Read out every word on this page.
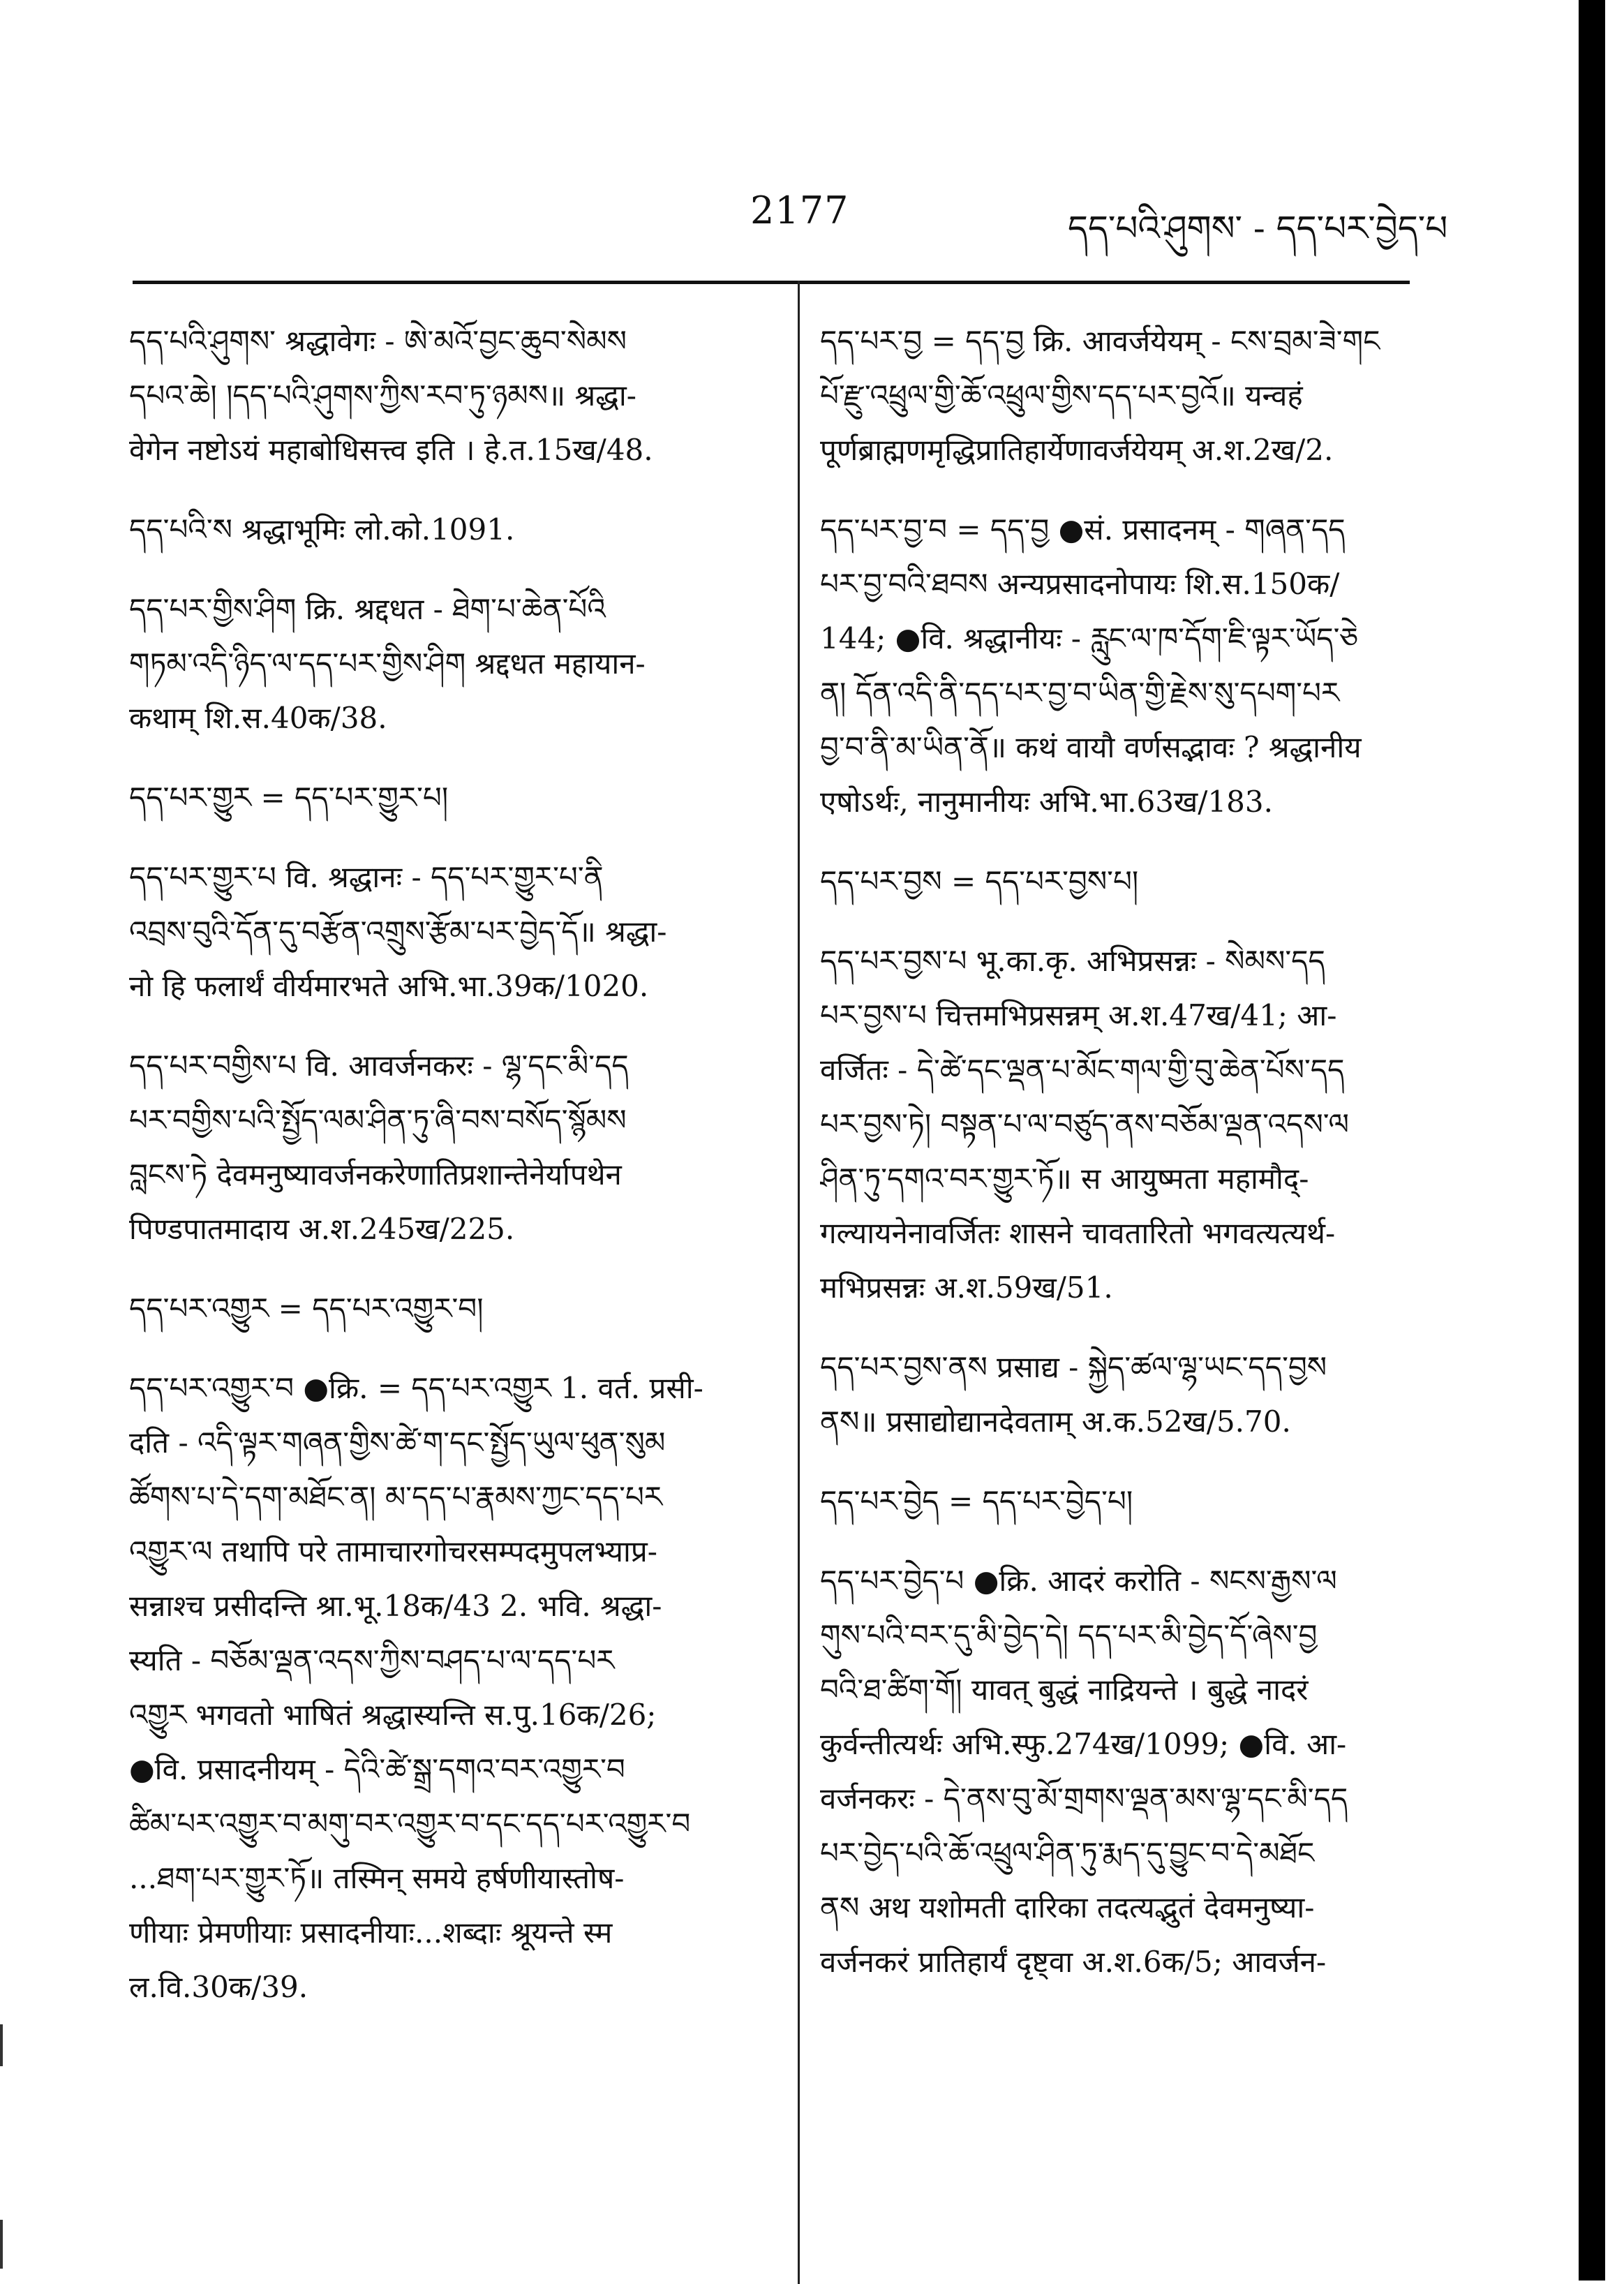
2177	དད་པའི་ཤུགས་ - དད་པར་བྱེད་པ
དད་པའི་ཤུགས་ श्रद्धावेगः - ཨེ་མའོ་བྱང་ཆུབ་སེམས
དཔའ་ཆེ། །དད་པའི་ཤུགས་ཀྱིས་རབ་ཏུ་ཉམས॥ श्रद्धा-
वेगेन नष्टोऽयं महाबोधिसत्त्व इति । हे.त.15ख/48.
དད་པའི་ས श्रद्धाभूमिः लो.को.1091.
དད་པར་གྱིས་ཤིག क्रि. श्रद्दधत - ཐེག་པ་ཆེན་པོའི
གཏམ་འདི་ཉིད་ལ་དད་པར་གྱིས་ཤིག श्रद्दधत महायान-
कथाम् शि.स.40क/38.
དད་པར་གྱུར = དད་པར་གྱུར་པ།
དད་པར་གྱུར་པ वि. श्रद्धानः - དད་པར་གྱུར་པ་ནི
འབྲས་བུའི་དོན་དུ་བརྩོན་འགྲུས་རྩོམ་པར་བྱེད་དོ॥ श्रद्धा-
नो हि फलार्थं वीर्यमारभते अभि.भा.39क/1020.
དད་པར་བགྱིས་པ वि. आवर्जनकरः - ལྷ་དང་མི་དད
པར་བགྱིས་པའི་སྤྱོད་ལམ་ཤིན་ཏུ་ཞི་བས་བསོད་སྙོམས
བླངས་ཏེ देवमनुष्यावर्जनकरेणातिप्रशान्तेनेर्यापथेन
पिण्डपातमादाय अ.श.245ख/225.
དད་པར་འགྱུར = དད་པར་འགྱུར་བ།
དད་པར་འགྱུར་བ ●क्रि. = དད་པར་འགྱུར 1. वर्त. प्रसी-
दति - འདི་ལྟར་གཞན་གྱིས་ཚེ་ག་དང་སྤྱོད་ཡུལ་ཕུན་སུམ
ཚོགས་པ་དེ་དག་མཐོང་ན། མ་དད་པ་རྣམས་ཀྱང་དད་པར
འགྱུར་ལ तथापि परे तामाचारगोचरसम्पदमुपलभ्याप्र-
सन्नाश्च प्रसीदन्ति श्रा.भू.18क/43 2. भवि. श्रद्धा-
स्यति - བཅོམ་ལྡན་འདས་ཀྱིས་བཤད་པ་ལ་དད་པར
འགྱུར भगवतो भाषितं श्रद्धास्यन्ति स.पु.16क/26;
●वि. प्रसादनीयम् - དེའི་ཚེ་སྒྲ་དགའ་བར་འགྱུར་བ
ཚིམ་པར་འགྱུར་བ་མགུ་བར་འགྱུར་བ་དང་དད་པར་འགྱུར་བ
...ཐག་པར་གྱུར་ཏོ॥ तस्मिन् समये हर्षणीयास्तोष-
णीयाः प्रेमणीयाः प्रसादनीयाः...शब्दाः श्रूयन्ते स्म
ल.वि.30क/39.
དད་པར་བྱ = དད་བྱ क्रि. आवर्जयेयम् - ངས་བྲམ་ཟེ་གང
པོ་རྫུ་འཕྲུལ་གྱི་ཆོ་འཕྲུལ་གྱིས་དད་པར་བྱའོ॥ यन्वहं
पूर्णब्राह्मणमृद्धिप्रातिहार्येणावर्जयेयम् अ.श.2ख/2.
དད་པར་བྱ་བ = དད་བྱ ●सं. प्रसादनम् - གཞན་དད
པར་བྱ་བའི་ཐབས अन्यप्रसादनोपायः शि.स.150क/
144; ●वि. श्रद्धानीयः - རླུང་ལ་ཁ་དོག་ཇི་ལྟར་ཡོད་ཅེ
ན། དོན་འདི་ནི་དད་པར་བྱ་བ་ཡིན་གྱི་རྗེས་སུ་དཔག་པར
བྱ་བ་ནི་མ་ཡིན་ནོ॥ कथं वायौ वर्णसद्भावः ? श्रद्धानीय
एषोऽर्थः, नानुमानीयः अभि.भा.63ख/183.
དད་པར་བྱས = དད་པར་བྱས་པ།
དད་པར་བྱས་པ भू.का.कृ. अभिप्रसन्नः - སེམས་དད
པར་བྱས་པ चित्तमभिप्रसन्नम् अ.श.47ख/41; आ-
वर्जितः - དེ་ཚེ་དང་ལྡན་པ་མོང་གལ་གྱི་བུ་ཆེན་པོས་དད
པར་བྱས་ཏེ། བསྟན་པ་ལ་བཙུད་ནས་བཅོམ་ལྡན་འདས་ལ
ཤིན་ཏུ་དགའ་བར་གྱུར་ཏོ॥ स आयुष्मता महामौद्-
गल्यायनेनावर्जितः शासने चावतारितो भगवत्यत्यर्थ-
मभिप्रसन्नः अ.श.59ख/51.
དད་པར་བྱས་ནས प्रसाद्य - སྐྱེད་ཚལ་ལྷ་ཡང་དད་བྱས
ནས॥ प्रसाद्योद्यानदेवताम् अ.क.52ख/5.70.
དད་པར་བྱེད = དད་པར་བྱེད་པ།
དད་པར་བྱེད་པ ●क्रि. आदरं करोति - སངས་རྒྱས་ལ
གུས་པའི་བར་དུ་མི་བྱེད་དེ། དད་པར་མི་བྱེད་དོ་ཞེས་བྱ
བའི་ཐ་ཚིག་གོ། यावत् बुद्धं नाद्रियन्ते । बुद्धे नादरं
कुर्वन्तीत्यर्थः अभि.स्फु.274ख/1099; ●वि. आ-
वर्जनकरः - དེ་ནས་བུ་མོ་གྲགས་ལྡན་མས་ལྷ་དང་མི་དད
པར་བྱེད་པའི་ཆོ་འཕྲུལ་ཤིན་ཏུ་རྨད་དུ་བྱུང་བ་དེ་མཐོང
ནས अथ यशोमती दारिका तदत्यद्भुतं देवमनुष्या-
वर्जनकरं प्रातिहार्यं दृष्ट्वा अ.श.6क/5; आवर्जन-
